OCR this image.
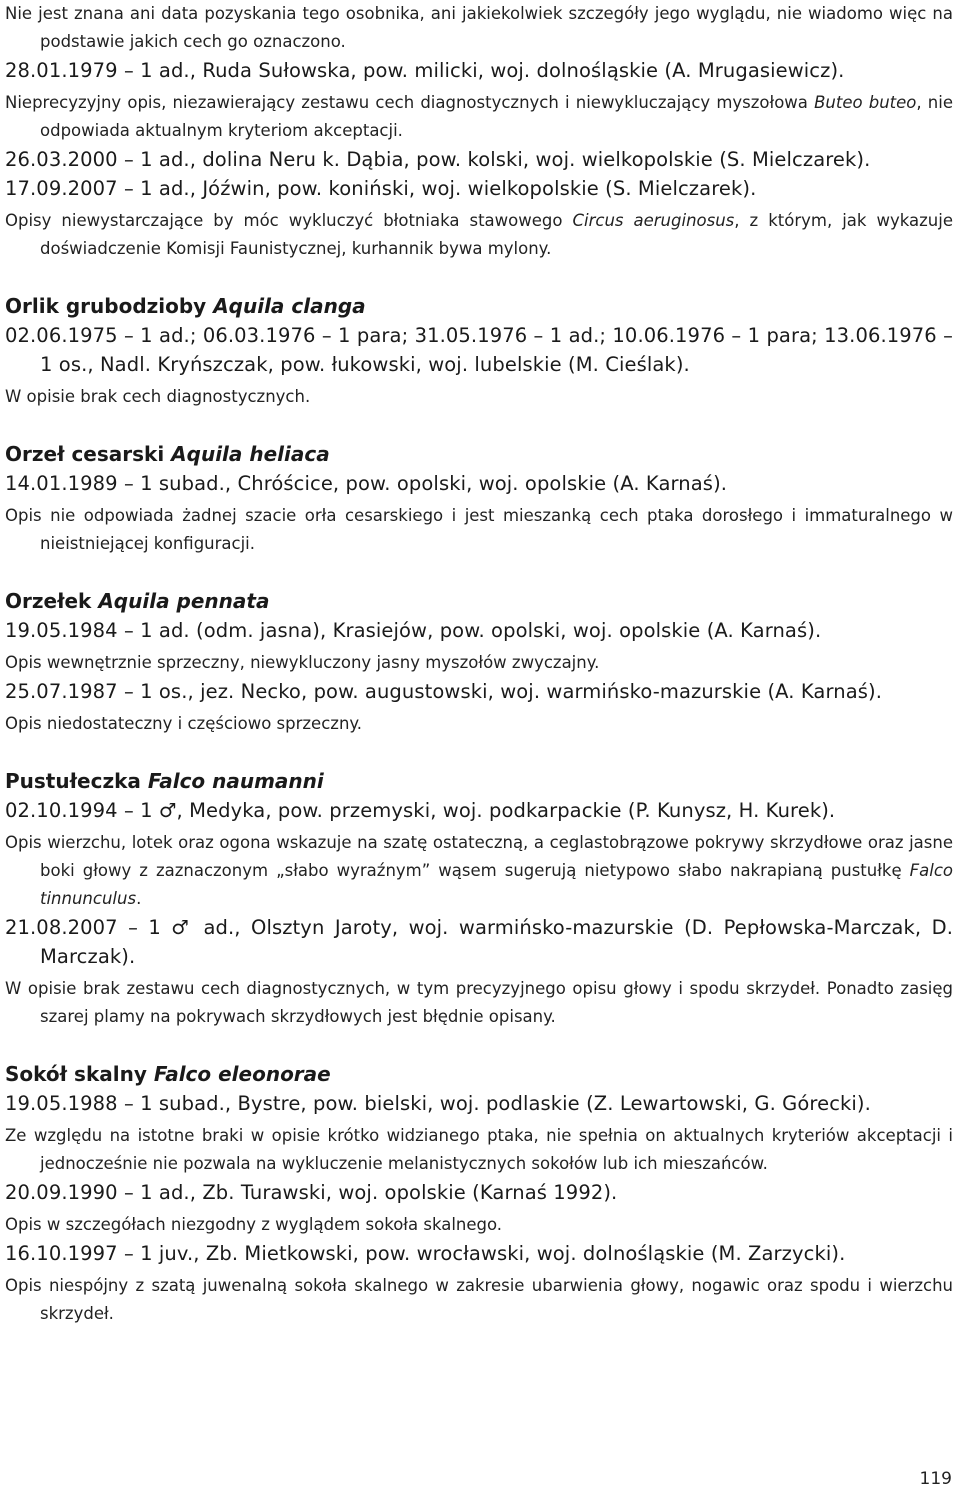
Nie jest znana ani data pozyskania tego osobnika, ani jakiekolwiek szczegóły jego wyglądu, nie wiadomo więc na podstawie jakich cech go oznaczono.

28.01.1979 – 1 ad., Ruda Sułowska, pow. milicki, woj. dolnośląskie (A. Mrugasiewicz).

Nieprecyzyjny opis, niezawierający zestawu cech diagnostycznych i niewykluczający myszołowa Buteo buteo, nie odpowiada aktualnym kryteriom akceptacji.

26.03.2000 – 1 ad., dolina Neru k. Dąbia, pow. kolski, woj. wielkopolskie (S. Mielczarek).

17.09.2007 – 1 ad., Jóźwin, pow. koniński, woj. wielkopolskie (S. Mielczarek).

Opisy niewystarczające by móc wykluczyć błotniaka stawowego Circus aeruginosus, z którym, jak wykazuje doświadczenie Komisji Faunistycznej, kurhannik bywa mylony.

Orlik grubodzioby Aquila clanga

02.06.1975 – 1 ad.; 06.03.1976 – 1 para; 31.05.1976 – 1 ad.; 10.06.1976 – 1 para; 13.06.1976 – 1 os., Nadl. Kryńszczak, pow. łukowski, woj. lubelskie (M. Cieślak).

W opisie brak cech diagnostycznych.

Orzeł cesarski Aquila heliaca

14.01.1989 – 1 subad., Chróścice, pow. opolski, woj. opolskie (A. Karnaś).

Opis nie odpowiada żadnej szacie orła cesarskiego i jest mieszanką cech ptaka dorosłego i immaturalnego w nieistniejącej konfiguracji.

Orzełek Aquila pennata

19.05.1984 – 1 ad. (odm. jasna), Krasiejów, pow. opolski, woj. opolskie (A. Karnaś).

Opis wewnętrznie sprzeczny, niewykluczony jasny myszołów zwyczajny.

25.07.1987 – 1 os., jez. Necko, pow. augustowski, woj. warmińsko-mazurskie (A. Karnaś).

Opis niedostateczny i częściowo sprzeczny.

Pustułeczka Falco naumanni

02.10.1994 – 1 ♂, Medyka, pow. przemyski, woj. podkarpackie (P. Kunysz, H. Kurek).

Opis wierzchu, lotek oraz ogona wskazuje na szatę ostateczną, a ceglastobrązowe pokrywy skrzydłowe oraz jasne boki głowy z zaznaczonym „słabo wyraźnym” wąsem sugerują nietypowo słabo nakrapianą pustułkę Falco tinnunculus.

21.08.2007 – 1 ♂ ad., Olsztyn Jaroty, woj. warmińsko-mazurskie (D. Pepłowska-Marczak, D. Marczak).

W opisie brak zestawu cech diagnostycznych, w tym precyzyjnego opisu głowy i spodu skrzydeł. Ponadto zasięg szarej plamy na pokrywach skrzydłowych jest błędnie opisany.

Sokół skalny Falco eleonorae

19.05.1988 – 1 subad., Bystre, pow. bielski, woj. podlaskie (Z. Lewartowski, G. Górecki).

Ze względu na istotne braki w opisie krótko widzianego ptaka, nie spełnia on aktualnych kryteriów akceptacji i jednocześnie nie pozwala na wykluczenie melanistycznych sokołów lub ich mieszańców.

20.09.1990 – 1 ad., Zb. Turawski, woj. opolskie (Karnaś 1992).

Opis w szczegółach niezgodny z wyglądem sokoła skalnego.

16.10.1997 – 1 juv., Zb. Mietkowski, pow. wrocławski, woj. dolnośląskie (M. Zarzycki).

Opis niespójny z szatą juwenalną sokoła skalnego w zakresie ubarwienia głowy, nogawic oraz spodu i wierzchu skrzydeł.

119
